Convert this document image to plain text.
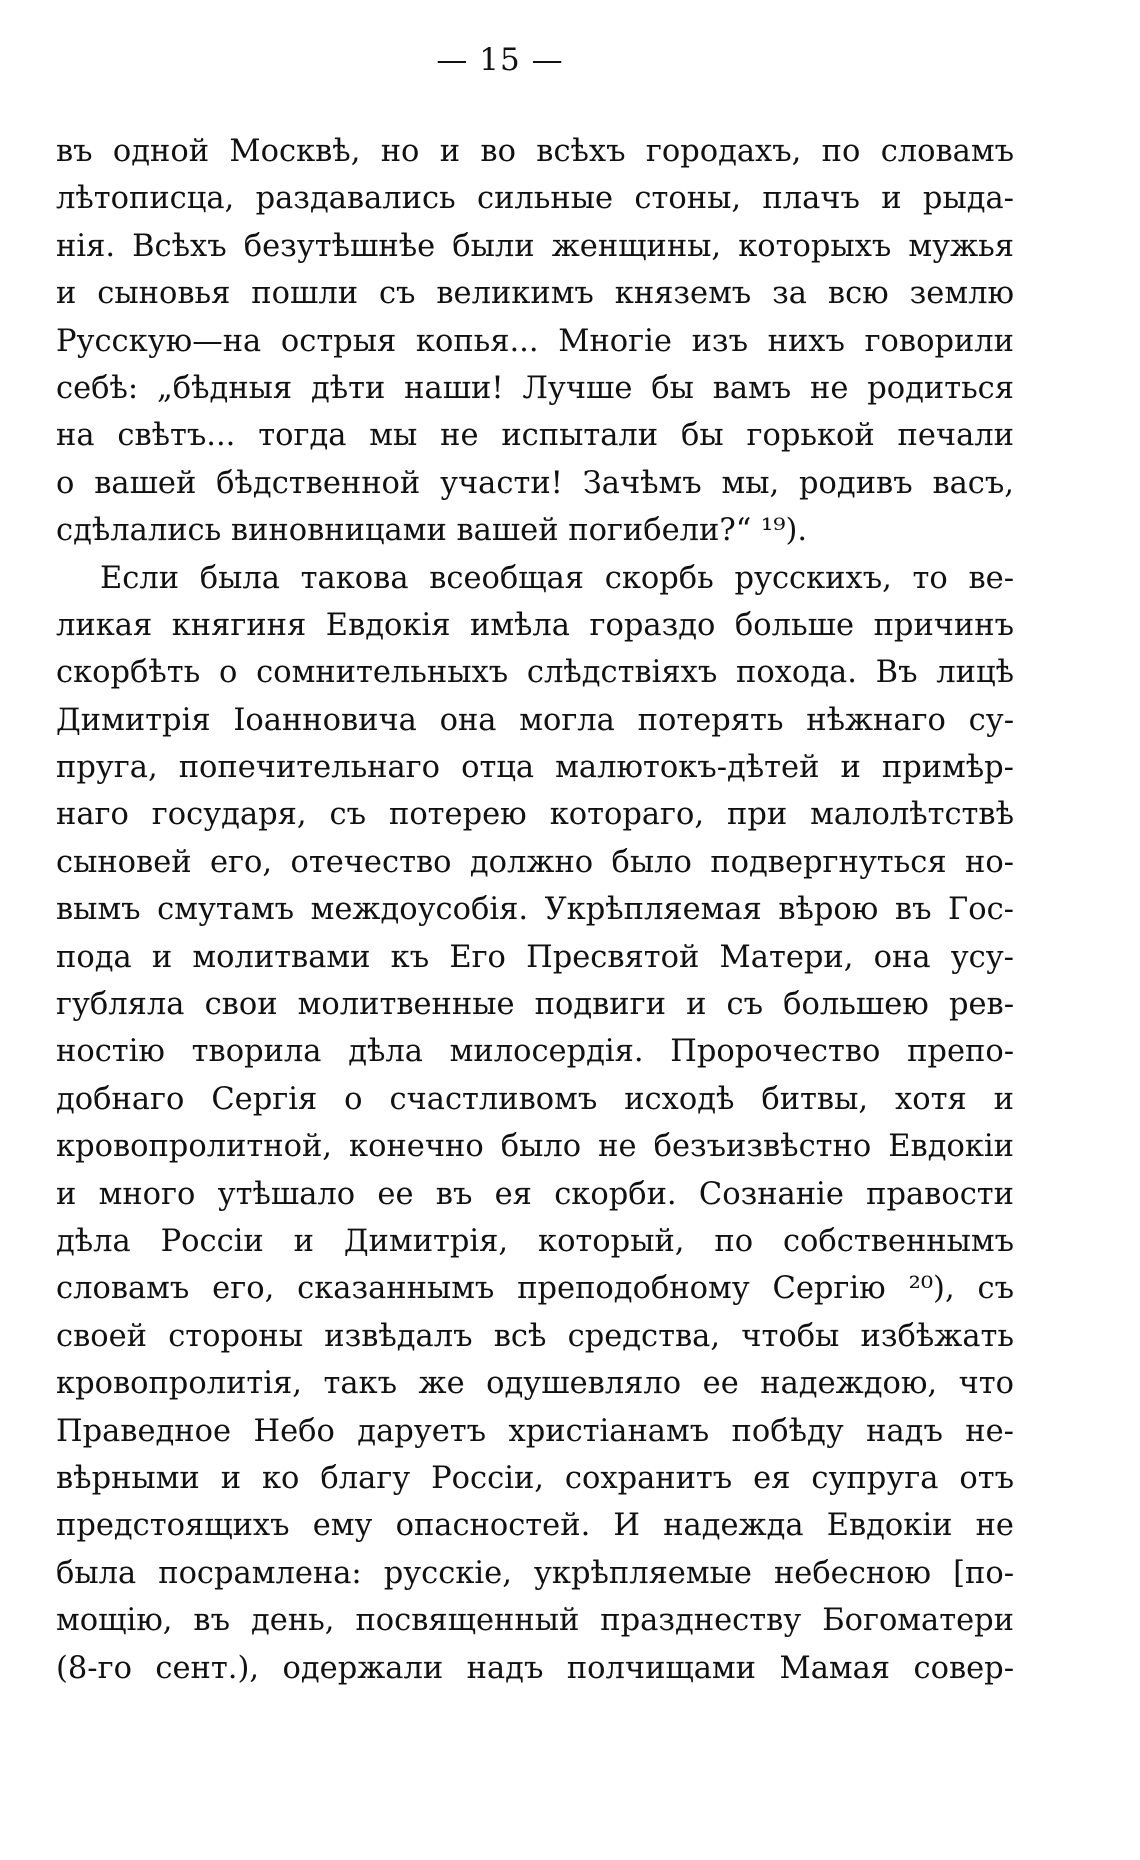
— 15 —
въ одной Москвѣ, но и во всѣхъ городахъ, по словамъ
лѣтописца, раздавались сильные стоны, плачъ и рыда-
нія. Всѣхъ безутѣшнѣе были женщины, которыхъ мужья
и сыновья пошли съ великимъ княземъ за всю землю
Русскую—на острыя копья... Многіе изъ нихъ говорили
себѣ: „бѣдныя дѣти наши! Лучше бы вамъ не родиться
на свѣтъ... тогда мы не испытали бы горькой печали
о вашей бѣдственной участи! Зачѣмъ мы, родивъ васъ,
сдѣлались виновницами вашей погибели?“ ¹⁹).
Если была такова всеобщая скорбь русскихъ, то ве-
ликая княгиня Евдокія имѣла гораздо больше причинъ
скорбѣть о сомнительныхъ слѣдствіяхъ похода. Въ лицѣ
Димитрія Іоанновича она могла потерять нѣжнаго су-
пруга, попечительнаго отца малютокъ-дѣтей и примѣр-
наго государя, съ потерею котораго, при малолѣтствѣ
сыновей его, отечество должно было подвергнуться но-
вымъ смутамъ междоусобія. Укрѣпляемая вѣрою въ Гос-
пода и молитвами къ Его Пресвятой Матери, она усу-
губляла свои молитвенные подвиги и съ большею рев-
ностію творила дѣла милосердія. Пророчество препо-
добнаго Сергія о счастливомъ исходѣ битвы, хотя и
кровопролитной, конечно было не безъизвѣстно Евдокіи
и много утѣшало ее въ ея скорби. Сознаніе правости
дѣла Россіи и Димитрія, который, по собственнымъ
словамъ его, сказаннымъ преподобному Сергію ²⁰), съ
своей стороны извѣдалъ всѣ средства, чтобы избѣжать
кровопролитія, такъ же одушевляло ее надеждою, что
Праведное Небо даруетъ христіанамъ побѣду надъ не-
вѣрными и ко благу Россіи, сохранитъ ея супруга отъ
предстоящихъ ему опасностей. И надежда Евдокіи не
была посрамлена: русскіе, укрѣпляемые небесною [по-
мощію, въ день, посвященный празднеству Богоматери
(8-го сент.), одержали надъ полчищами Мамая совер-
